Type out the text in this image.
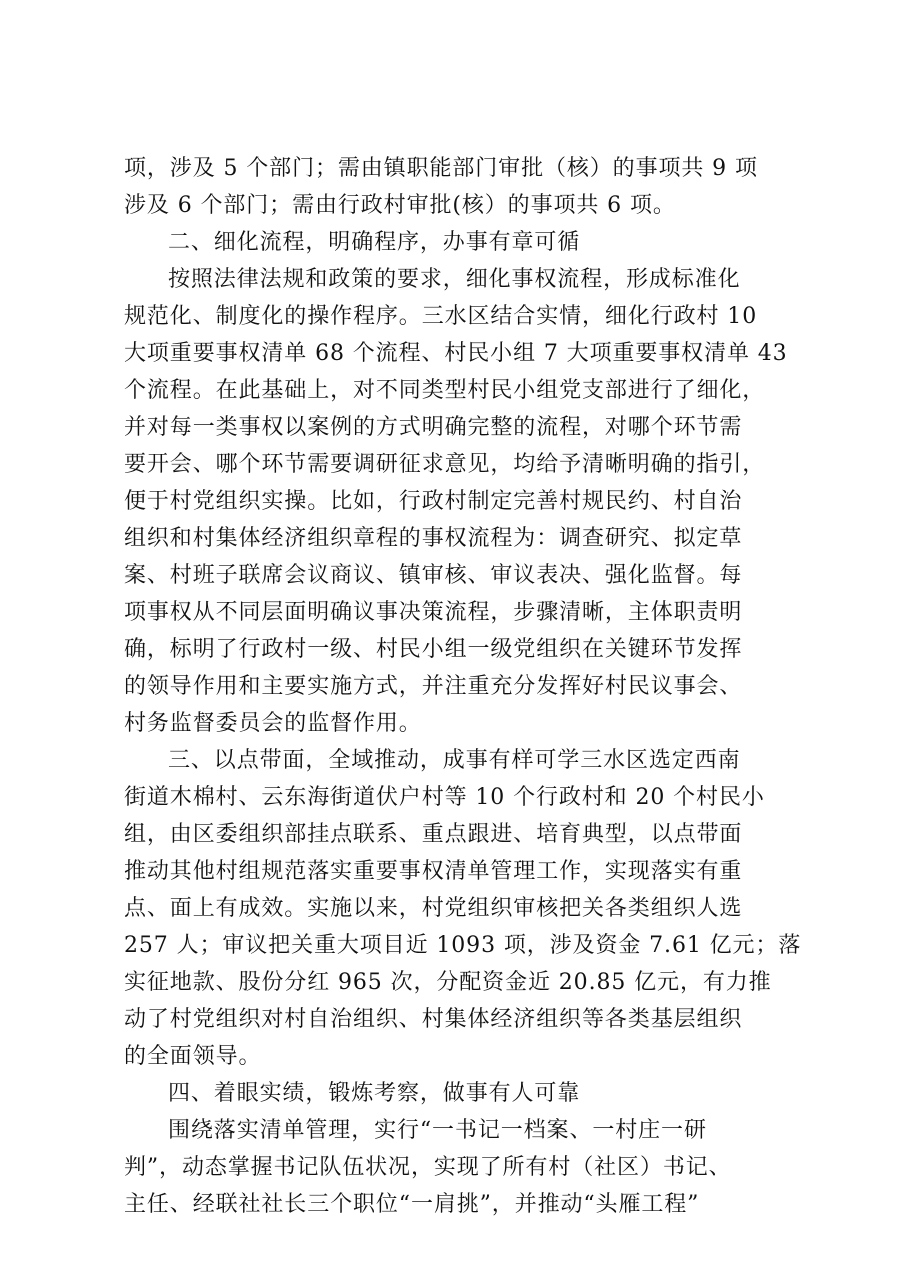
项，涉及 5 个部门；需由镇职能部门审批（核）的事项共 9 项
涉及 6 个部门；需由行政村审批(核）的事项共 6 项。
二、细化流程，明确程序，办事有章可循
按照法律法规和政策的要求，细化事权流程，形成标准化
规范化、制度化的操作程序。三水区结合实情，细化行政村 10
大项重要事权清单 68 个流程、村民小组 7 大项重要事权清单 43
个流程。在此基础上，对不同类型村民小组党支部进行了细化，
并对每一类事权以案例的方式明确完整的流程，对哪个环节需
要开会、哪个环节需要调研征求意见，均给予清晰明确的指引，
便于村党组织实操。比如，行政村制定完善村规民约、村自治
组织和村集体经济组织章程的事权流程为：调查研究、拟定草
案、村班子联席会议商议、镇审核、审议表决、强化监督。每
项事权从不同层面明确议事决策流程，步骤清晰，主体职责明
确，标明了行政村一级、村民小组一级党组织在关键环节发挥
的领导作用和主要实施方式，并注重充分发挥好村民议事会、
村务监督委员会的监督作用。
三、以点带面，全域推动，成事有样可学三水区选定西南
街道木棉村、云东海街道伏户村等 10 个行政村和 20 个村民小
组，由区委组织部挂点联系、重点跟进、培育典型，以点带面
推动其他村组规范落实重要事权清单管理工作，实现落实有重
点、面上有成效。实施以来，村党组织审核把关各类组织人选
257 人；审议把关重大项目近 1093 项，涉及资金 7.61 亿元；落
实征地款、股份分红 965 次，分配资金近 20.85 亿元，有力推
动了村党组织对村自治组织、村集体经济组织等各类基层组织
的全面领导。
四、着眼实绩，锻炼考察，做事有人可靠
围绕落实清单管理，实行“一书记一档案、一村庄一研
判”，动态掌握书记队伍状况，实现了所有村（社区）书记、
主任、经联社社长三个职位“一肩挑”，并推动“头雁工程”
